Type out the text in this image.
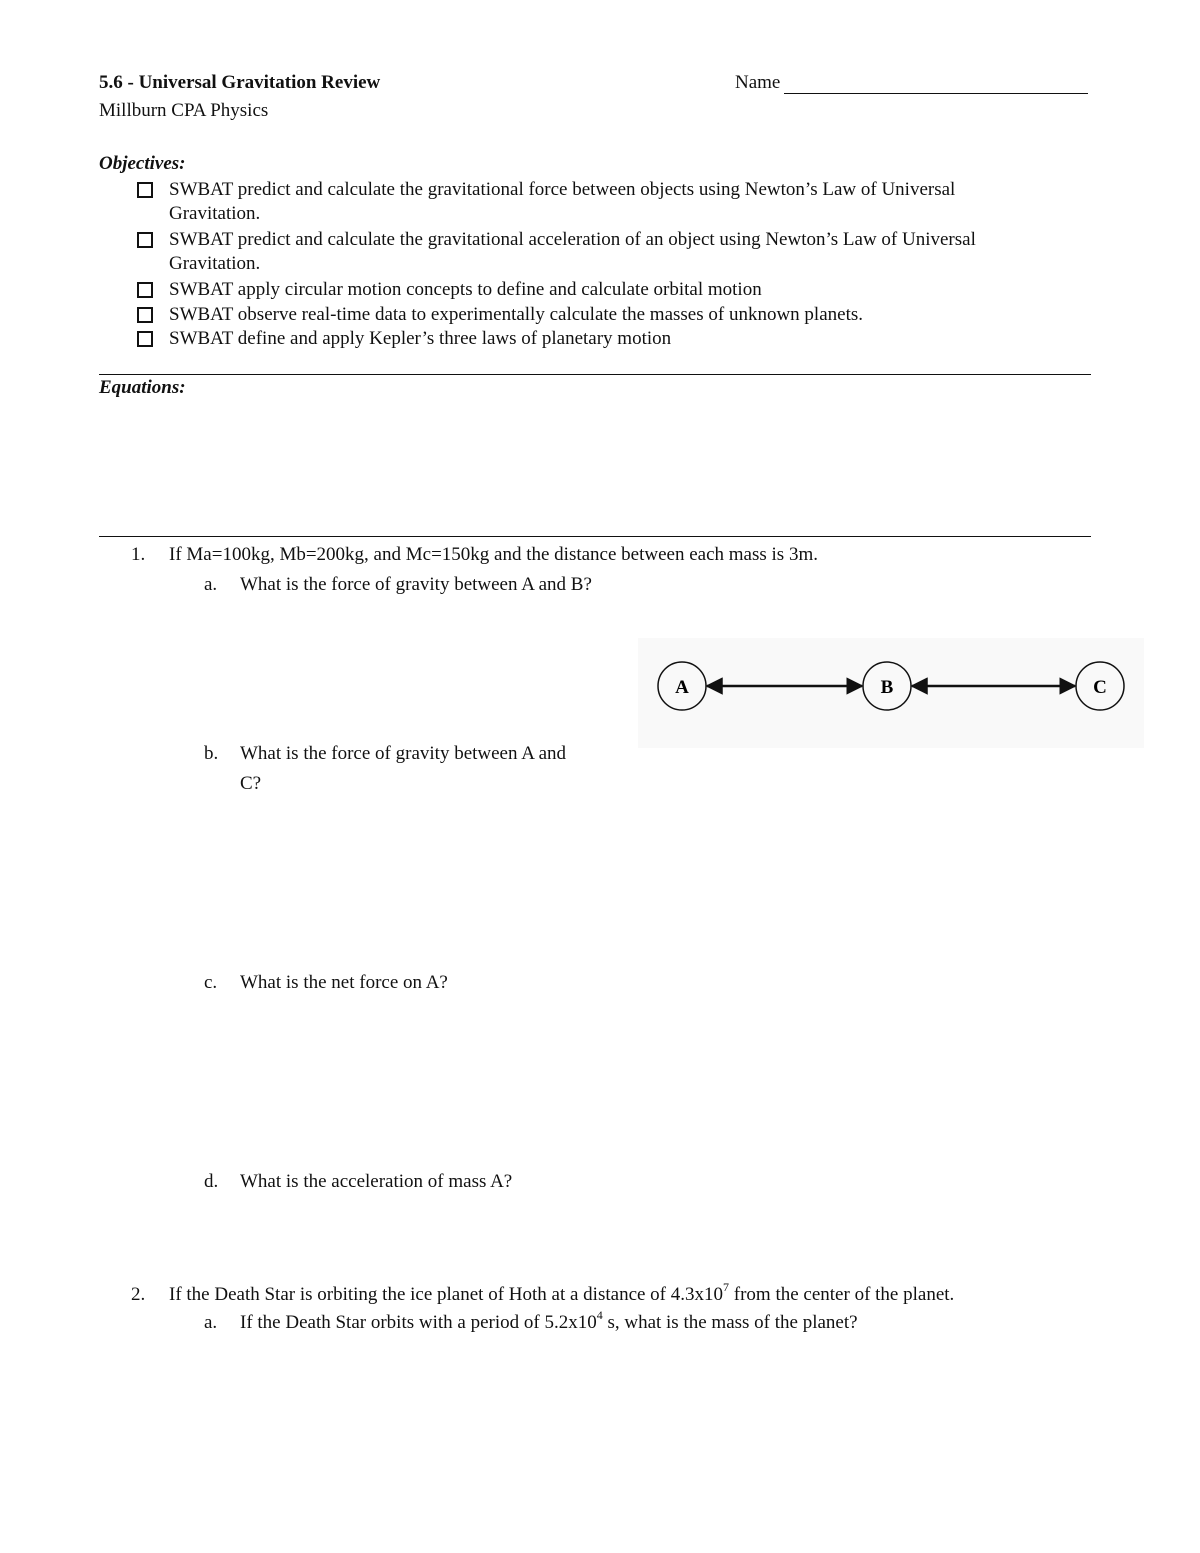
5.6 - Universal Gravitation Review	Name
Millburn CPA Physics
Objectives:
SWBAT predict and calculate the gravitational force between objects using Newton’s Law of Universal
Gravitation.
SWBAT predict and calculate the gravitational acceleration of an object using Newton’s Law of Universal
Gravitation.
SWBAT apply circular motion concepts to define and calculate orbital motion
SWBAT observe real-time data to experimentally calculate the masses of unknown planets.
SWBAT define and apply Kepler’s three laws of planetary motion
Equations:
1. If Ma=100kg, Mb=200kg, and Mc=150kg and the distance between each mass is 3m.
a. What is the force of gravity between A and B?
A	B	C
b. What is the force of gravity between A and
C?
c. What is the net force on A?
d. What is the acceleration of mass A?
2. If the Death Star is orbiting the ice planet of Hoth at a distance of $4.3x10^7$ from the center of the planet.
a. If the Death Star orbits with a period of $5.2x10^4$ s, what is the mass of the planet?
